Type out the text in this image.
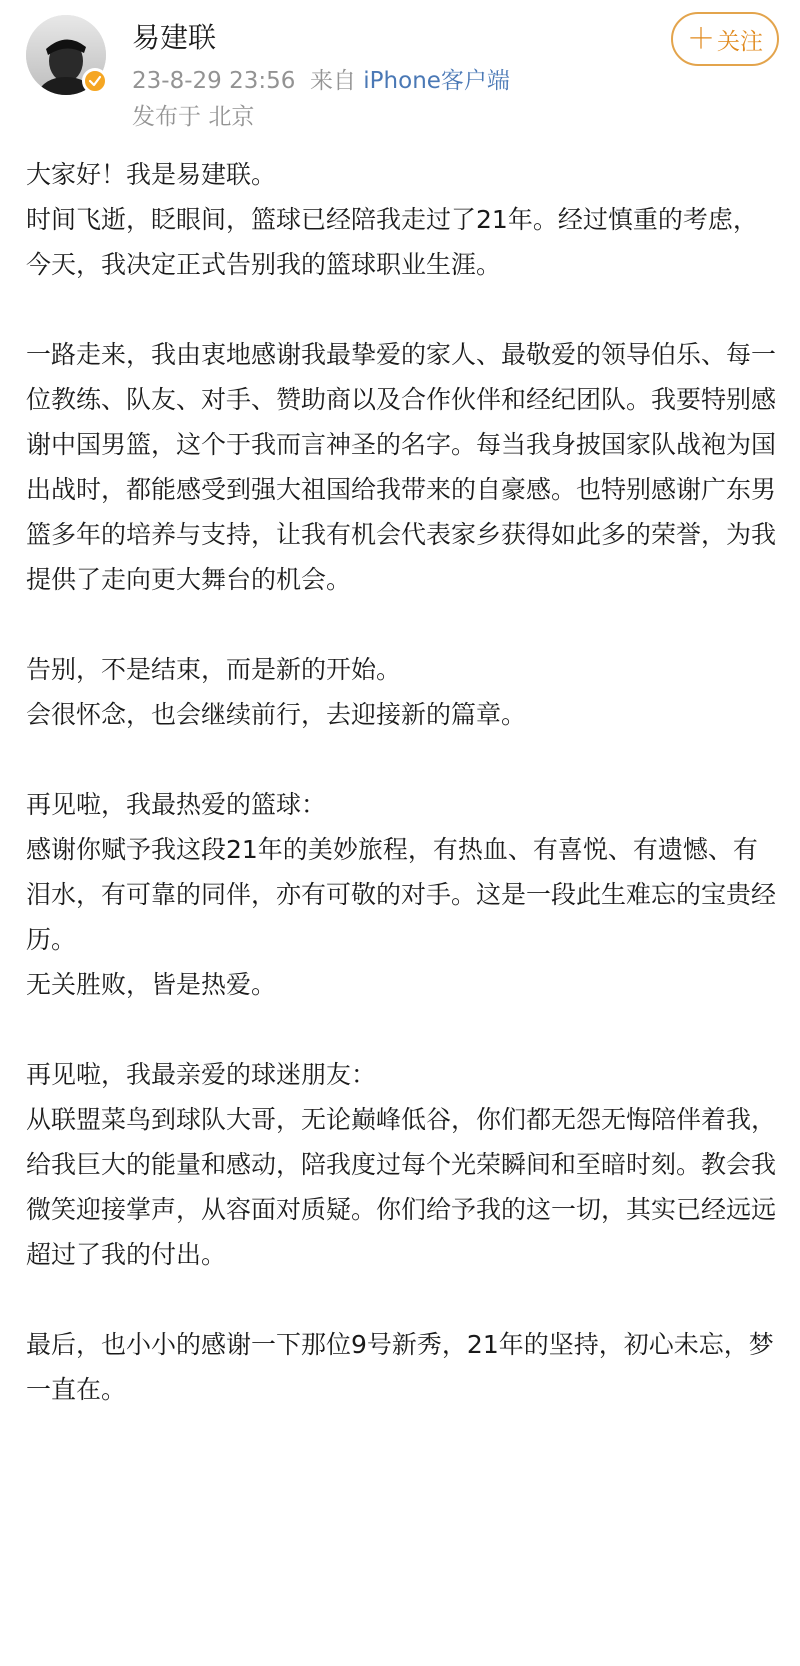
易建联
23-8-29 23:56 来自 iPhone客户端
发布于 北京
＋ 关注

大家好！我是易建联。
时间飞逝，眨眼间，篮球已经陪我走过了21年。经过慎重的考虑，今天，我决定正式告别我的篮球职业生涯。

一路走来，我由衷地感谢我最挚爱的家人、最敬爱的领导伯乐、每一位教练、队友、对手、赞助商以及合作伙伴和经纪团队。我要特别感谢中国男篮，这个于我而言神圣的名字。每当我身披国家队战袍为国出战时，都能感受到强大祖国给我带来的自豪感。也特别感谢广东男篮多年的培养与支持，让我有机会代表家乡获得如此多的荣誉，为我提供了走向更大舞台的机会。

告别，不是结束，而是新的开始。
会很怀念，也会继续前行，去迎接新的篇章。

再见啦，我最热爱的篮球：
感谢你赋予我这段21年的美妙旅程，有热血、有喜悦、有遗憾、有泪水，有可靠的同伴，亦有可敬的对手。这是一段此生难忘的宝贵经历。
无关胜败，皆是热爱。

再见啦，我最亲爱的球迷朋友：
从联盟菜鸟到球队大哥，无论巅峰低谷，你们都无怨无悔陪伴着我，给我巨大的能量和感动，陪我度过每个光荣瞬间和至暗时刻。教会我微笑迎接掌声，从容面对质疑。你们给予我的这一切，其实已经远远超过了我的付出。

最后，也小小的感谢一下那位9号新秀，21年的坚持，初心未忘，梦一直在。
